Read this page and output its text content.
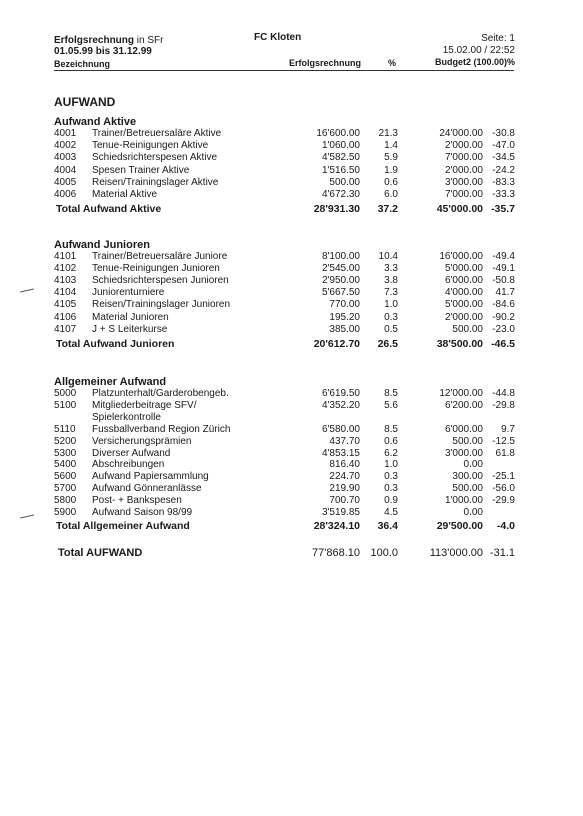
Erfolgsrechnung in SFr
01.05.99 bis 31.12.99
FC Kloten	Seite: 1
15.02.00 / 22:52
Bezeichnung	Erfolgsrechnung	%	Budget2 (100.00)%
AUFWAND
Aufwand Aktive
4001 Trainer/Betreuersaläre Aktive	16'600.00 21.3	24'000.00 -30.8
4002 Tenue-Reinigungen Aktive	1'060.00 1.4	2'000.00 -47.0
4003 Schiedsrichterspesen Aktive	4'582.50 5.9	7'000.00 -34.5
4004 Spesen Trainer Aktive	1'516.50 1.9	2'000.00 -24.2
4005 Reisen/Trainingslager Aktive	500.00 0.6	3'000.00 -83.3
4006 Material Aktive	4'672.30 6.0	7'000.00 -33.3
Total Aufwand Aktive	28'931.30 37.2	45'000.00 -35.7
Aufwand Junioren
4101 Trainer/Betreuersaläre Juniore	8'100.00 10.4	16'000.00 -49.4
4102 Tenue-Reinigungen Junioren	2'545.00 3.3	5'000.00 -49.1
4103 Schiedsrichterspesen Junioren	2'950.00 3.8	6'000.00 -50.8
4104 Juniorenturniere	5'667.50 7.3	4'000.00 41.7
4105 Reisen/Trainingslager Junioren	770.00 1.0	5'000.00 -84.6
4106 Material Junioren	195.20 0.3	2'000.00 -90.2
4107 J + S Leiterkurse	385.00 0.5	500.00 -23.0
Total Aufwand Junioren	20'612.70 26.5	38'500.00 -46.5
Allgemeiner Aufwand
5000 Platzunterhalt/Garderobengeb.	6'619.50 8.5	12'000.00 -44.8
5100 Mitgliederbeitrage SFV/	4'352.20 5.6	6'200.00 -29.8
Spielerkontrolle
5110 Fussballverband Region Zürich	6'580.00 8.5	6'000.00 9.7
5200 Versicherungsprämien	437.70 0.6	500.00 -12.5
5300 Diverser Aufwand	4'853.15 6.2	3'000.00 61.8
5400 Abschreibungen	816.40 1.0	0.00
5600 Aufwand Papiersammlung	224.70 0.3	300.00 -25.1
5700 Aufwand Gönneranlässe	219.90 0.3	500.00 -56.0
5800 Post- + Bankspesen	700.70 0.9	1'000.00 -29.9
5900 Aufwand Saison 98/99	3'519.85 4.5	0.00
Total Allgemeiner Aufwand	28'324.10 36.4	29'500.00 -4.0
Total AUFWAND	77'868.10 100.0	113'000.00 -31.1
